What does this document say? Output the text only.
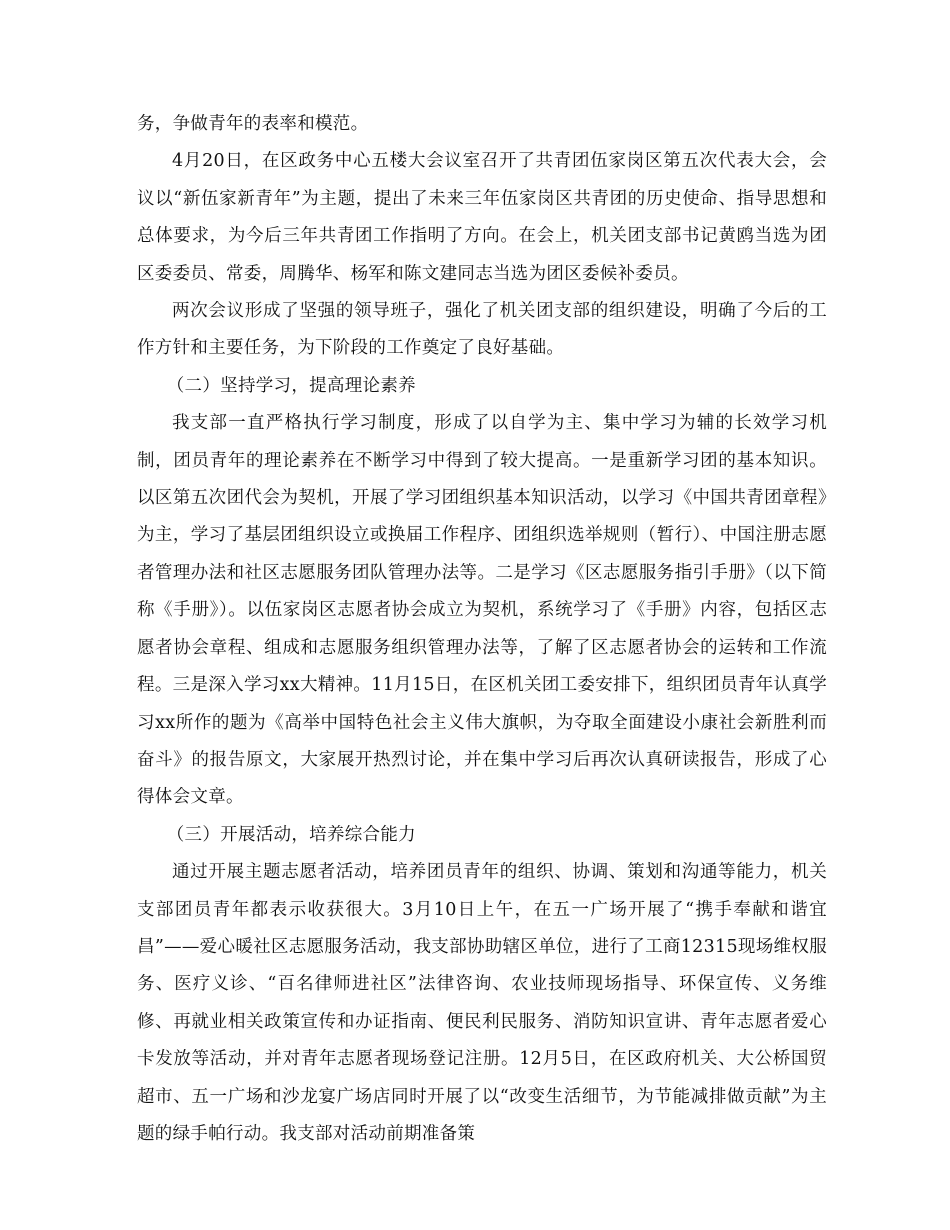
务，争做青年的表率和模范。

4月20日，在区政务中心五楼大会议室召开了共青团伍家岗区第五次代表大会，会议以“新伍家新青年”为主题，提出了未来三年伍家岗区共青团的历史使命、指导思想和总体要求，为今后三年共青团工作指明了方向。在会上，机关团支部书记黄鸥当选为团区委委员、常委，周腾华、杨军和陈文建同志当选为团区委候补委员。

两次会议形成了坚强的领导班子，强化了机关团支部的组织建设，明确了今后的工作方针和主要任务，为下阶段的工作奠定了良好基础。

（二）坚持学习，提高理论素养

我支部一直严格执行学习制度，形成了以自学为主、集中学习为辅的长效学习机制，团员青年的理论素养在不断学习中得到了较大提高。一是重新学习团的基本知识。以区第五次团代会为契机，开展了学习团组织基本知识活动，以学习《中国共青团章程》为主，学习了基层团组织设立或换届工作程序、团组织选举规则（暂行）、中国注册志愿者管理办法和社区志愿服务团队管理办法等。二是学习《区志愿服务指引手册》（以下简称《手册》）。以伍家岗区志愿者协会成立为契机，系统学习了《手册》内容，包括区志愿者协会章程、组成和志愿服务组织管理办法等，了解了区志愿者协会的运转和工作流程。三是深入学习xx大精神。11月15日，在区机关团工委安排下，组织团员青年认真学习xx所作的题为《高举中国特色社会主义伟大旗帜，为夺取全面建设小康社会新胜利而奋斗》的报告原文，大家展开热烈讨论，并在集中学习后再次认真研读报告，形成了心得体会文章。

（三）开展活动，培养综合能力

通过开展主题志愿者活动，培养团员青年的组织、协调、策划和沟通等能力，机关支部团员青年都表示收获很大。3月10日上午，在五一广场开展了“携手奉献和谐宜昌”——爱心暖社区志愿服务活动，我支部协助辖区单位，进行了工商12315现场维权服务、医疗义诊、“百名律师进社区”法律咨询、农业技师现场指导、环保宣传、义务维修、再就业相关政策宣传和办证指南、便民利民服务、消防知识宣讲、青年志愿者爱心卡发放等活动，并对青年志愿者现场登记注册。12月5日，在区政府机关、大公桥国贸超市、五一广场和沙龙宴广场店同时开展了以“改变生活细节，为节能减排做贡献”为主题的绿手帕行动。我支部对活动前期准备策
